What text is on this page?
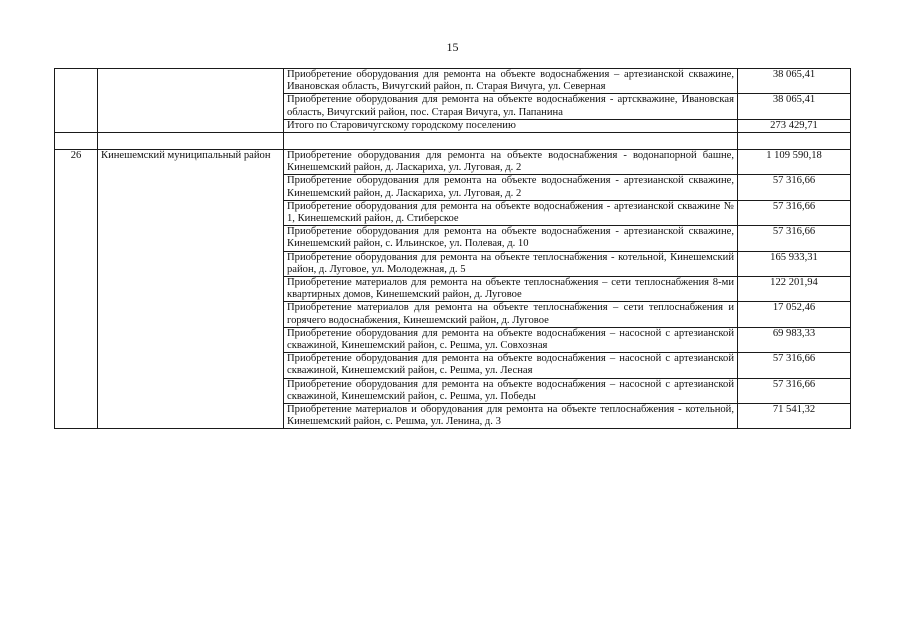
15
		Приобретение оборудования для ремонта на объекте водоснабжения – артезианской скважине, Ивановская область, Вичугский район, п. Старая Вичуга, ул. Северная	38 065,41
		Приобретение оборудования для ремонта на объекте водоснабжения - артскважине, Ивановская область, Вичугский район, пос. Старая Вичуга, ул. Папанина	38 065,41
		Итого по Старовичугскому городскому поселению	273 429,71

26	Кинешемский муниципальный район	Приобретение оборудования для ремонта на объекте водоснабжения - водонапорной башне, Кинешемский район, д. Ласкариха, ул. Луговая, д. 2	1 109 590,18
		Приобретение оборудования для ремонта на объекте водоснабжения - артезианской скважине, Кинешемский район, д. Ласкариха, ул. Луговая, д. 2	57 316,66
		Приобретение оборудования для ремонта на объекте водоснабжения - артезианской скважине № 1, Кинешемский район, д. Стиберское	57 316,66
		Приобретение оборудования для ремонта на объекте водоснабжения - артезианской скважине, Кинешемский район, с. Ильинское, ул. Полевая, д. 10	57 316,66
		Приобретение оборудования для ремонта на объекте теплоснабжения - котельной, Кинешемский район, д. Луговое, ул. Молодежная, д. 5	165 933,31
		Приобретение материалов для ремонта на объекте теплоснабжения – сети теплоснабжения 8-ми квартирных домов, Кинешемский район, д. Луговое	122 201,94
		Приобретение материалов для ремонта на объекте теплоснабжения – сети теплоснабжения и горячего водоснабжения, Кинешемский район, д. Луговое	17 052,46
		Приобретение оборудования для ремонта на объекте водоснабжения – насосной с артезианской скважиной, Кинешемский район, с. Решма, ул. Совхозная	69 983,33
		Приобретение оборудования для ремонта на объекте водоснабжения – насосной с артезианской скважиной, Кинешемский район, с. Решма, ул. Лесная	57 316,66
		Приобретение оборудования для ремонта на объекте водоснабжения – насосной с артезианской скважиной, Кинешемский район, с. Решма, ул. Победы	57 316,66
		Приобретение материалов и оборудования для ремонта на объекте теплоснабжения - котельной, Кинешемский район, с. Решма, ул. Ленина, д. 3	71 541,32
